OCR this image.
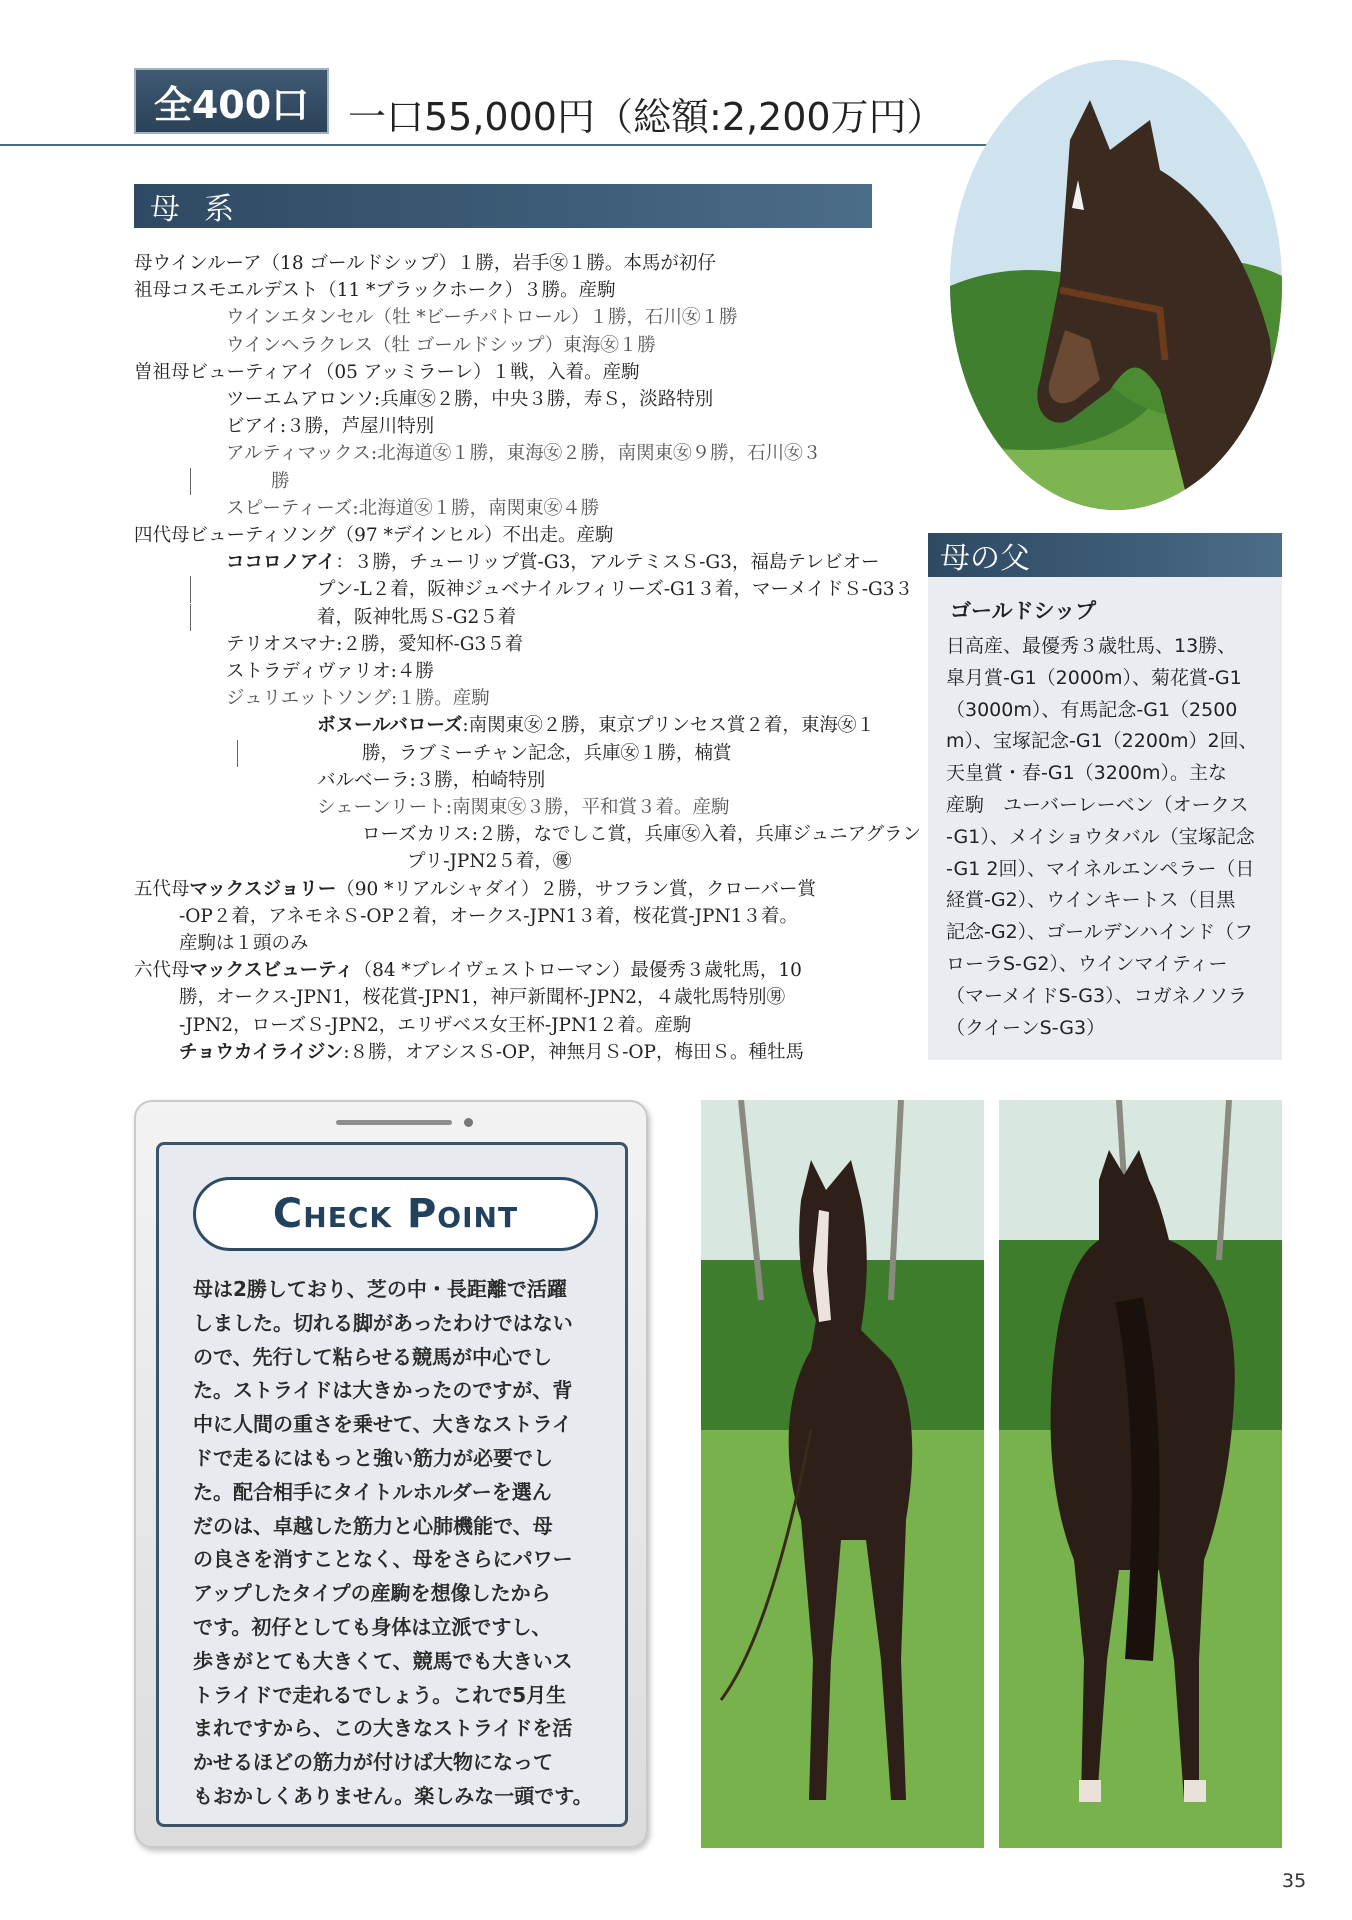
全400口	一口55,000円（総額:2,200万円）
母系
母ウインルーア（18 ゴールドシップ）１勝，岩手㊛１勝。本馬が初仔
祖母コスモエルデスト（11 *ブラックホーク）３勝。産駒
ウインエタンセル（牡 *ビーチパトロール）１勝，石川㊛１勝
ウインヘラクレス（牡 ゴールドシップ）東海㊛１勝
曽祖母ビューティアイ（05 アッミラーレ）１戦，入着。産駒
ツーエムアロンソ:兵庫㊛２勝，中央３勝，寿Ｓ，淡路特別
ビアイ:３勝，芦屋川特別
アルティマックス:北海道㊛１勝，東海㊛２勝，南関東㊛９勝，石川㊛３
勝
スピーティーズ:北海道㊛１勝，南関東㊛４勝
四代母ビューティソング（97 *デインヒル）不出走。産駒
ココロノアイ：３勝，チューリップ賞-G3，アルテミスＳ-G3，福島テレビオー
プン-L２着，阪神ジュベナイルフィリーズ-G1３着，マーメイドＳ-G3３
着，阪神牝馬Ｓ-G2５着
テリオスマナ:２勝，愛知杯-G3５着
ストラディヴァリオ:４勝
ジュリエットソング:１勝。産駒
ボヌールバローズ:南関東㊛２勝，東京プリンセス賞２着，東海㊛１
勝，ラブミーチャン記念，兵庫㊛１勝，楠賞
バルベーラ:３勝，柏崎特別
シェーンリート:南関東㊛３勝，平和賞３着。産駒
ローズカリス:２勝，なでしこ賞，兵庫㊛入着，兵庫ジュニアグラン
プリ-JPN2５着，㊝
五代母マックスジョリー（90 *リアルシャダイ）２勝，サフラン賞，クローバー賞
-OP２着，アネモネＳ-OP２着，オークス-JPN1３着，桜花賞-JPN1３着。
産駒は１頭のみ
六代母マックスビューティ（84 *ブレイヴェストローマン）最優秀３歳牝馬，10
勝，オークス-JPN1，桜花賞-JPN1，神戸新聞杯-JPN2，４歳牝馬特別㊚
-JPN2，ローズＳ-JPN2，エリザベス女王杯-JPN1２着。産駒
チョウカイライジン:８勝，オアシスＳ-OP，神無月Ｓ-OP，梅田Ｓ。種牡馬
母の父
ゴールドシップ
日高産、最優秀３歳牡馬、13勝、
皐月賞-G1（2000m）、菊花賞-G1
（3000m）、有馬記念-G1（2500
m）、宝塚記念-G1（2200m）2回、
天皇賞・春-G1（3200m）。主な
産駒　ユーバーレーベン（オークス
-G1）、メイショウタバル（宝塚記念
-G1 2回）、マイネルエンペラー（日
経賞-G2）、ウインキートス（目黒
記念-G2）、ゴールデンハインド（フ
ローラS-G2）、ウインマイティー
（マーメイドS-G3）、コガネノソラ
（クイーンS-G3）
Check Point
母は2勝しており、芝の中・長距離で活躍
しました。切れる脚があったわけではない
ので、先行して粘らせる競馬が中心でし
た。ストライドは大きかったのですが、背
中に人間の重さを乗せて、大きなストライ
ドで走るにはもっと強い筋力が必要でし
た。配合相手にタイトルホルダーを選ん
だのは、卓越した筋力と心肺機能で、母
の良さを消すことなく、母をさらにパワー
アップしたタイプの産駒を想像したから
です。初仔としても身体は立派ですし、
歩きがとても大きくて、競馬でも大きいス
トライドで走れるでしょう。これで5月生
まれですから、この大きなストライドを活
かせるほどの筋力が付けば大物になって
もおかしくありません。楽しみな一頭です。
35
